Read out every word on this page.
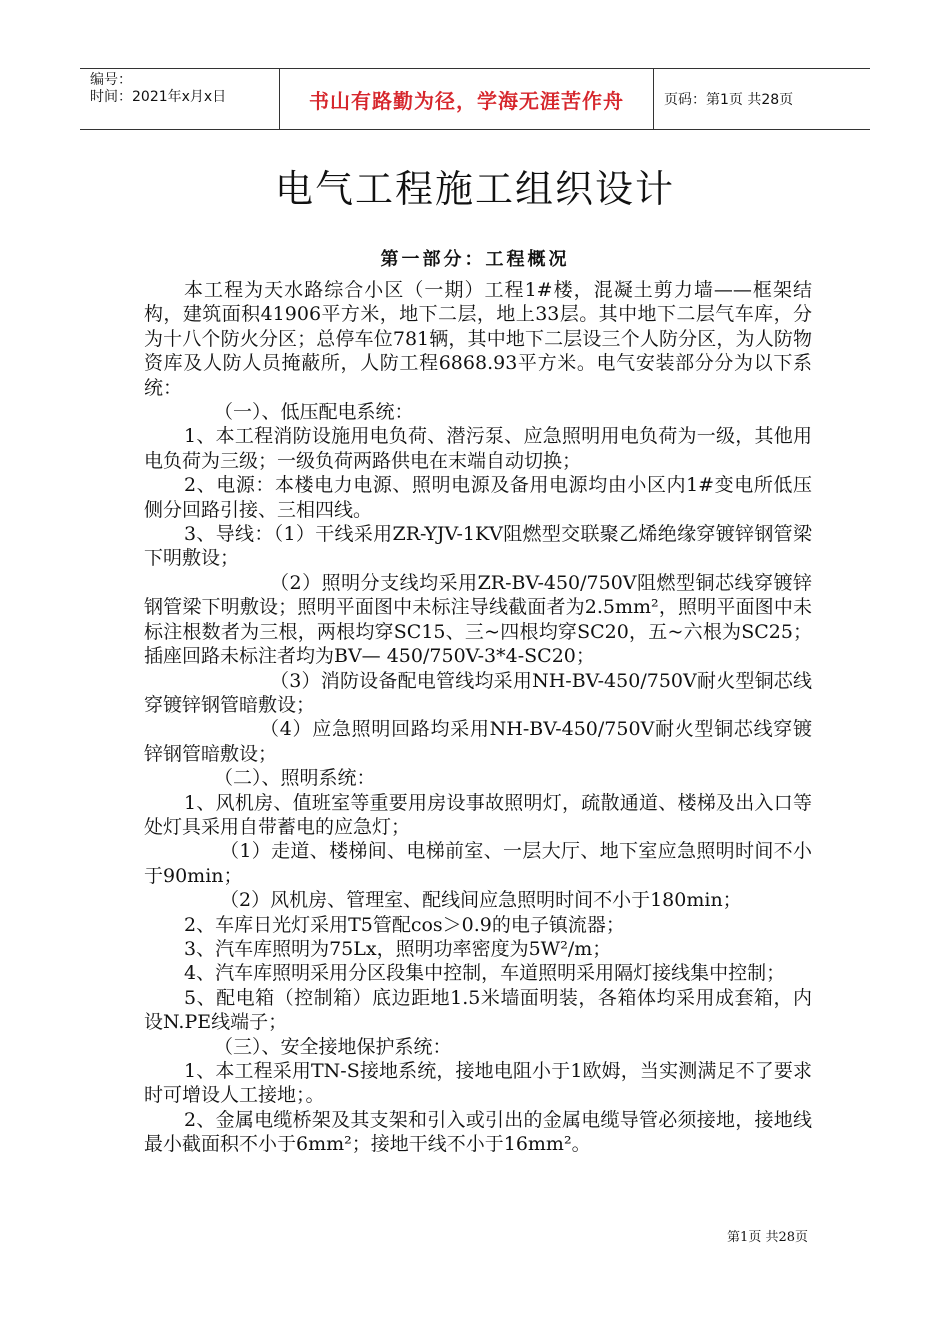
编号：
时间：2021年x月x日	书山有路勤为径，学海无涯苦作舟	页码：第1页 共28页
电气工程施工组织设计
第一部分：工程概况

本工程为天水路综合小区（一期）工程1#楼，混凝土剪力墙——框架结构，建筑面积41906平方米，地下二层，地上33层。其中地下二层气车库，分为十八个防火分区；总停车位781辆，其中地下二层设三个人防分区，为人防物资库及人防人员掩蔽所，人防工程6868.93平方米。电气安装部分分为以下系统：

（一）、低压配电系统：

1、本工程消防设施用电负荷、潜污泵、应急照明用电负荷为一级，其他用电负荷为三级；一级负荷两路供电在末端自动切换；

2、电源：本楼电力电源、照明电源及备用电源均由小区内1#变电所低压侧分回路引接、三相四线。

3、导线：（1）干线采用ZR-YJV-1KV阻燃型交联聚乙烯绝缘穿镀锌钢管梁下明敷设；

（2）照明分支线均采用ZR-BV-450/750V阻燃型铜芯线穿镀锌钢管梁下明敷设；照明平面图中未标注导线截面者为2.5mm²，照明平面图中未标注根数者为三根，两根均穿SC15、三~四根均穿SC20，五~六根为SC25；插座回路未标注者均为BV— 450/750V-3*4-SC20；

（3）消防设备配电管线均采用NH-BV-450/750V耐火型铜芯线穿镀锌钢管暗敷设；

（4）应急照明回路均采用NH-BV-450/750V耐火型铜芯线穿镀锌钢管暗敷设；

（二）、照明系统：

1、风机房、值班室等重要用房设事故照明灯，疏散通道、楼梯及出入口等处灯具采用自带蓄电的应急灯；

（1）走道、楼梯间、电梯前室、一层大厅、地下室应急照明时间不小于90min；

（2）风机房、管理室、配线间应急照明时间不小于180min；

2、车库日光灯采用T5管配cos＞0.9的电子镇流器；

3、汽车库照明为75Lx，照明功率密度为5W²/m；

4、汽车库照明采用分区段集中控制，车道照明采用隔灯接线集中控制；

5、配电箱（控制箱）底边距地1.5米墙面明装，各箱体均采用成套箱，内设N.PE线端子；

（三）、安全接地保护系统：

1、本工程采用TN-S接地系统，接地电阻小于1欧姆，当实测满足不了要求时可增设人工接地；。

2、金属电缆桥架及其支架和引入或引出的金属电缆导管必须接地，接地线最小截面积不小于6mm²；接地干线不小于16mm²。

第1页 共28页
